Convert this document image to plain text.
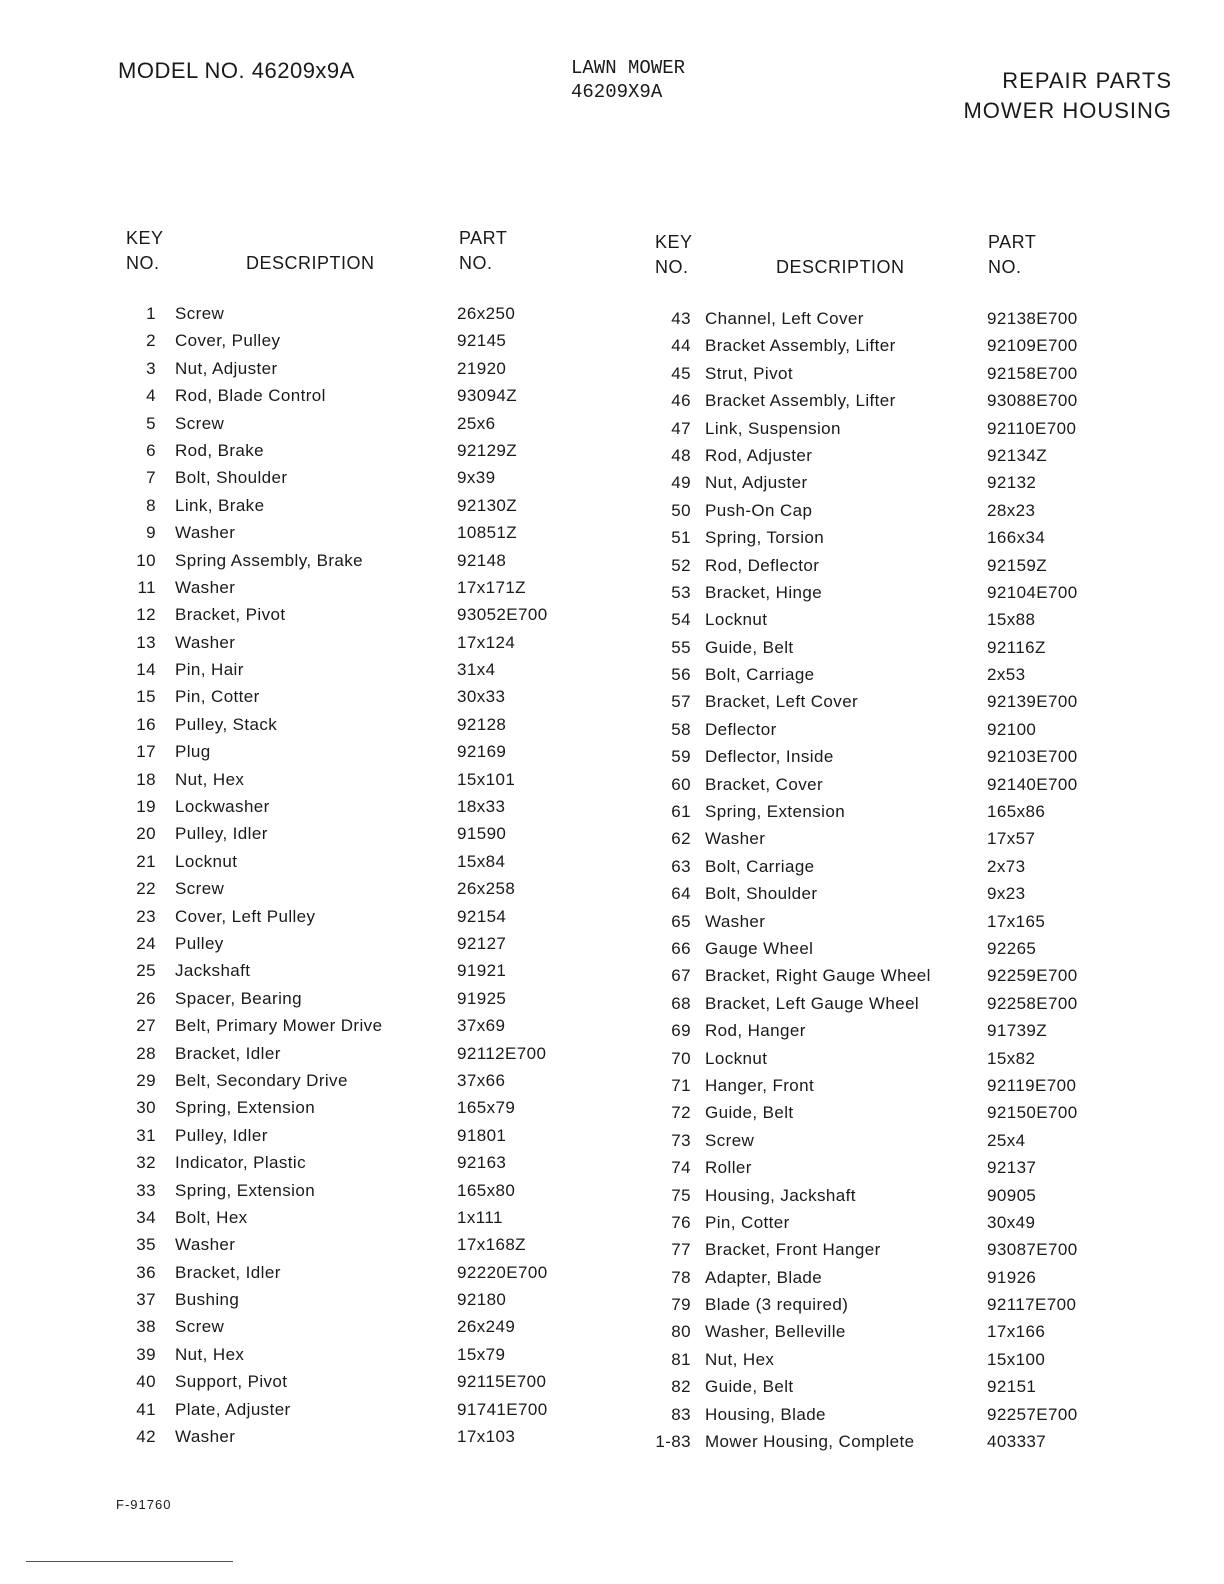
MODEL NO. 46209x9A	LAWN MOWER
46209X9A	REPAIR PARTS
MOWER HOUSING
KEY
NO.	DESCRIPTION
PART
NO.
1 Screw	26x250
2 Cover, Pulley	92145
3 Nut, Adjuster	21920
4 Rod, Blade Control	93094Z
5 Screw	25x6
6 Rod, Brake	92129Z
7 Bolt, Shoulder	9x39
8 Link, Brake	92130Z
9 Washer	10851Z
10 Spring Assembly, Brake	92148
11 Washer	17x171Z
12 Bracket, Pivot	93052E700
13 Washer	17x124
14 Pin, Hair	31x4
15 Pin, Cotter	30x33
16 Pulley, Stack	92128
17 Plug	92169
18 Nut, Hex	15x101
19 Lockwasher	18x33
20 Pulley, Idler	91590
21 Locknut	15x84
22 Screw	26x258
23 Cover, Left Pulley	92154
24 Pulley	92127
25 Jackshaft	91921
26 Spacer, Bearing	91925
27 Belt, Primary Mower Drive	37x69
28 Bracket, Idler	92112E700
29 Belt, Secondary Drive	37x66
30 Spring, Extension	165x79
31 Pulley, Idler	91801
32 Indicator, Plastic	92163
33 Spring, Extension	165x80
34 Bolt, Hex	1x111
35 Washer	17x168Z
36 Bracket, Idler	92220E700
37 Bushing	92180
38 Screw	26x249
39 Nut, Hex	15x79
40 Support, Pivot	92115E700
41 Plate, Adjuster	91741E700
42 Washer	17x103
KEY
NO.	DESCRIPTION
PART
NO.
43 Channel, Left Cover	92138E700
44 Bracket Assembly, Lifter	92109E700
45 Strut, Pivot	92158E700
46 Bracket Assembly, Lifter	93088E700
47 Link, Suspension	92110E700
48 Rod, Adjuster	92134Z
49 Nut, Adjuster	92132
50 Push-On Cap	28x23
51 Spring, Torsion	166x34
52 Rod, Deflector	92159Z
53 Bracket, Hinge	92104E700
54 Locknut	15x88
55 Guide, Belt	92116Z
56 Bolt, Carriage	2x53
57 Bracket, Left Cover	92139E700
58 Deflector	92100
59 Deflector, Inside	92103E700
60 Bracket, Cover	92140E700
61 Spring, Extension	165x86
62 Washer	17x57
63 Bolt, Carriage	2x73
64 Bolt, Shoulder	9x23
65 Washer	17x165
66 Gauge Wheel	92265
67 Bracket, Right Gauge Wheel	92259E700
68 Bracket, Left Gauge Wheel	92258E700
69 Rod, Hanger	91739Z
70 Locknut	15x82
71 Hanger, Front	92119E700
72 Guide, Belt	92150E700
73 Screw	25x4
74 Roller	92137
75 Housing, Jackshaft	90905
76 Pin, Cotter	30x49
77 Bracket, Front Hanger	93087E700
78 Adapter, Blade	91926
79 Blade (3 required)	92117E700
80 Washer, Belleville	17x166
81 Nut, Hex	15x100
82 Guide, Belt	92151
83 Housing, Blade	92257E700
1-83 Mower Housing, Complete	403337
F-91760
